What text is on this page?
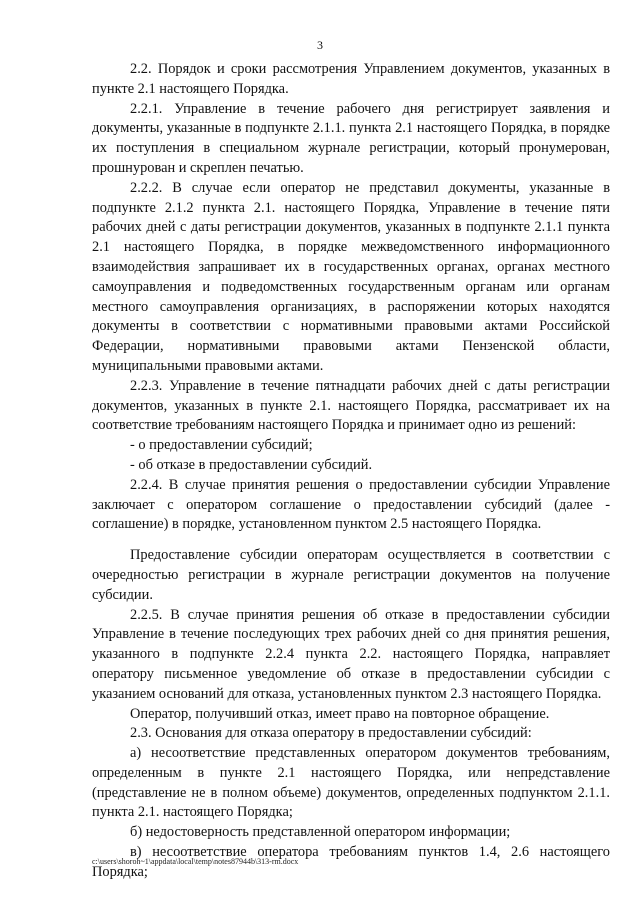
3

2.2. Порядок и сроки рассмотрения Управлением документов, указанных в пункте 2.1 настоящего Порядка.

2.2.1. Управление в течение рабочего дня регистрирует заявления и документы, указанные в подпункте 2.1.1. пункта 2.1 настоящего Порядка, в порядке их поступления в специальном журнале регистрации, который пронумерован, прошнурован и скреплен печатью.

2.2.2. В случае если оператор не представил документы, указанные в подпункте 2.1.2 пункта 2.1. настоящего Порядка, Управление в течение пяти рабочих дней с даты регистрации документов, указанных в подпункте 2.1.1 пункта 2.1 настоящего Порядка, в порядке межведомственного информационного взаимодействия запрашивает их в государственных органах, органах местного самоуправления и подведомственных государственным органам или органам местного самоуправления организациях, в распоряжении которых находятся документы в соответствии с нормативными правовыми актами Российской Федерации, нормативными правовыми актами Пензенской области, муниципальными правовыми актами.

2.2.3. Управление в течение пятнадцати рабочих дней с даты регистрации документов, указанных в пункте 2.1. настоящего Порядка, рассматривает их на соответствие требованиям настоящего Порядка и принимает одно из решений:

- о предоставлении субсидий;

- об отказе в предоставлении субсидий.

2.2.4. В случае принятия решения о предоставлении субсидии Управление заключает с оператором соглашение о предоставлении субсидий (далее - соглашение) в порядке, установленном пунктом 2.5 настоящего Порядка.

Предоставление субсидии операторам осуществляется в соответствии с очередностью регистрации в журнале регистрации документов на получение субсидии.

2.2.5. В случае принятия решения об отказе в предоставлении субсидии Управление в течение последующих трех рабочих дней со дня принятия решения, указанного в подпункте 2.2.4 пункта 2.2. настоящего Порядка, направляет оператору письменное уведомление об отказе в предоставлении субсидии с указанием оснований для отказа, установленных пунктом 2.3 настоящего Порядка.

Оператор, получивший отказ, имеет право на повторное обращение.

2.3. Основания для отказа оператору в предоставлении субсидий:

а) несоответствие представленных оператором документов требованиям, определенным в пункте 2.1 настоящего Порядка, или непредставление (представление не в полном объеме) документов, определенных подпунктом 2.1.1. пункта 2.1. настоящего Порядка;

б) недостоверность представленной оператором информации;

в) несоответствие оператора требованиям пунктов 1.4, 2.6 настоящего Порядка;

c:\users\shoroh~1\appdata\local\temp\notes87944b\313-rm.docx
